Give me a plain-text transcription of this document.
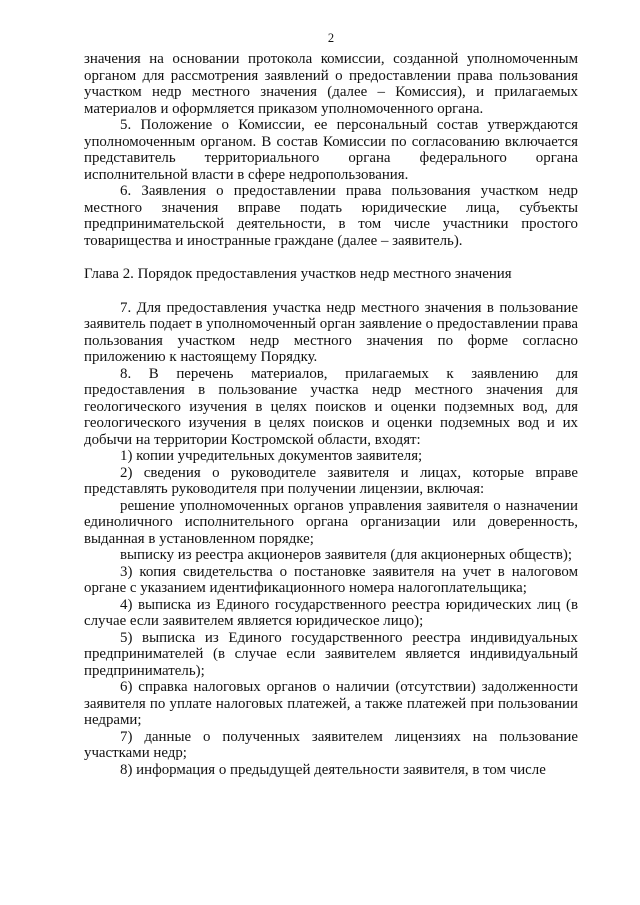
2

значения на основании протокола комиссии, созданной уполномоченным органом для рассмотрения заявлений о предоставлении права пользования участком недр местного значения (далее – Комиссия), и прилагаемых материалов и оформляется приказом уполномоченного органа.

5. Положение о Комиссии, ее персональный состав утверждаются уполномоченным органом. В состав Комиссии по согласованию включается представитель территориального органа федерального органа исполнительной власти в сфере недропользования.

6. Заявления о предоставлении права пользования участком недр местного значения вправе подать юридические лица, субъекты предпринимательской деятельности, в том числе участники простого товарищества и иностранные граждане (далее – заявитель).

Глава 2. Порядок предоставления участков недр местного значения

7. Для предоставления участка недр местного значения в пользование заявитель подает в уполномоченный орган заявление о предоставлении права пользования участком недр местного значения по форме согласно приложению к настоящему Порядку.

8. В перечень материалов, прилагаемых к заявлению для предоставления в пользование участка недр местного значения для геологического изучения в целях поисков и оценки подземных вод, для геологического изучения в целях поисков и оценки подземных вод и их добычи на территории Костромской области, входят:

1) копии учредительных документов заявителя;

2) сведения о руководителе заявителя и лицах, которые вправе представлять руководителя при получении лицензии, включая:

решение уполномоченных органов управления заявителя о назначении единоличного исполнительного органа организации или доверенность, выданная в установленном порядке;

выписку из реестра акционеров заявителя (для акционерных обществ);

3) копия свидетельства о постановке заявителя на учет в налоговом органе с указанием идентификационного номера налогоплательщика;

4) выписка из Единого государственного реестра юридических лиц (в случае если заявителем является юридическое лицо);

5) выписка из Единого государственного реестра индивидуальных предпринимателей (в случае если заявителем является индивидуальный предприниматель);

6) справка налоговых органов о наличии (отсутствии) задолженности заявителя по уплате налоговых платежей, а также платежей при пользовании недрами;

7) данные о полученных заявителем лицензиях на пользование участками недр;

8) информация о предыдущей деятельности заявителя, в том числе
